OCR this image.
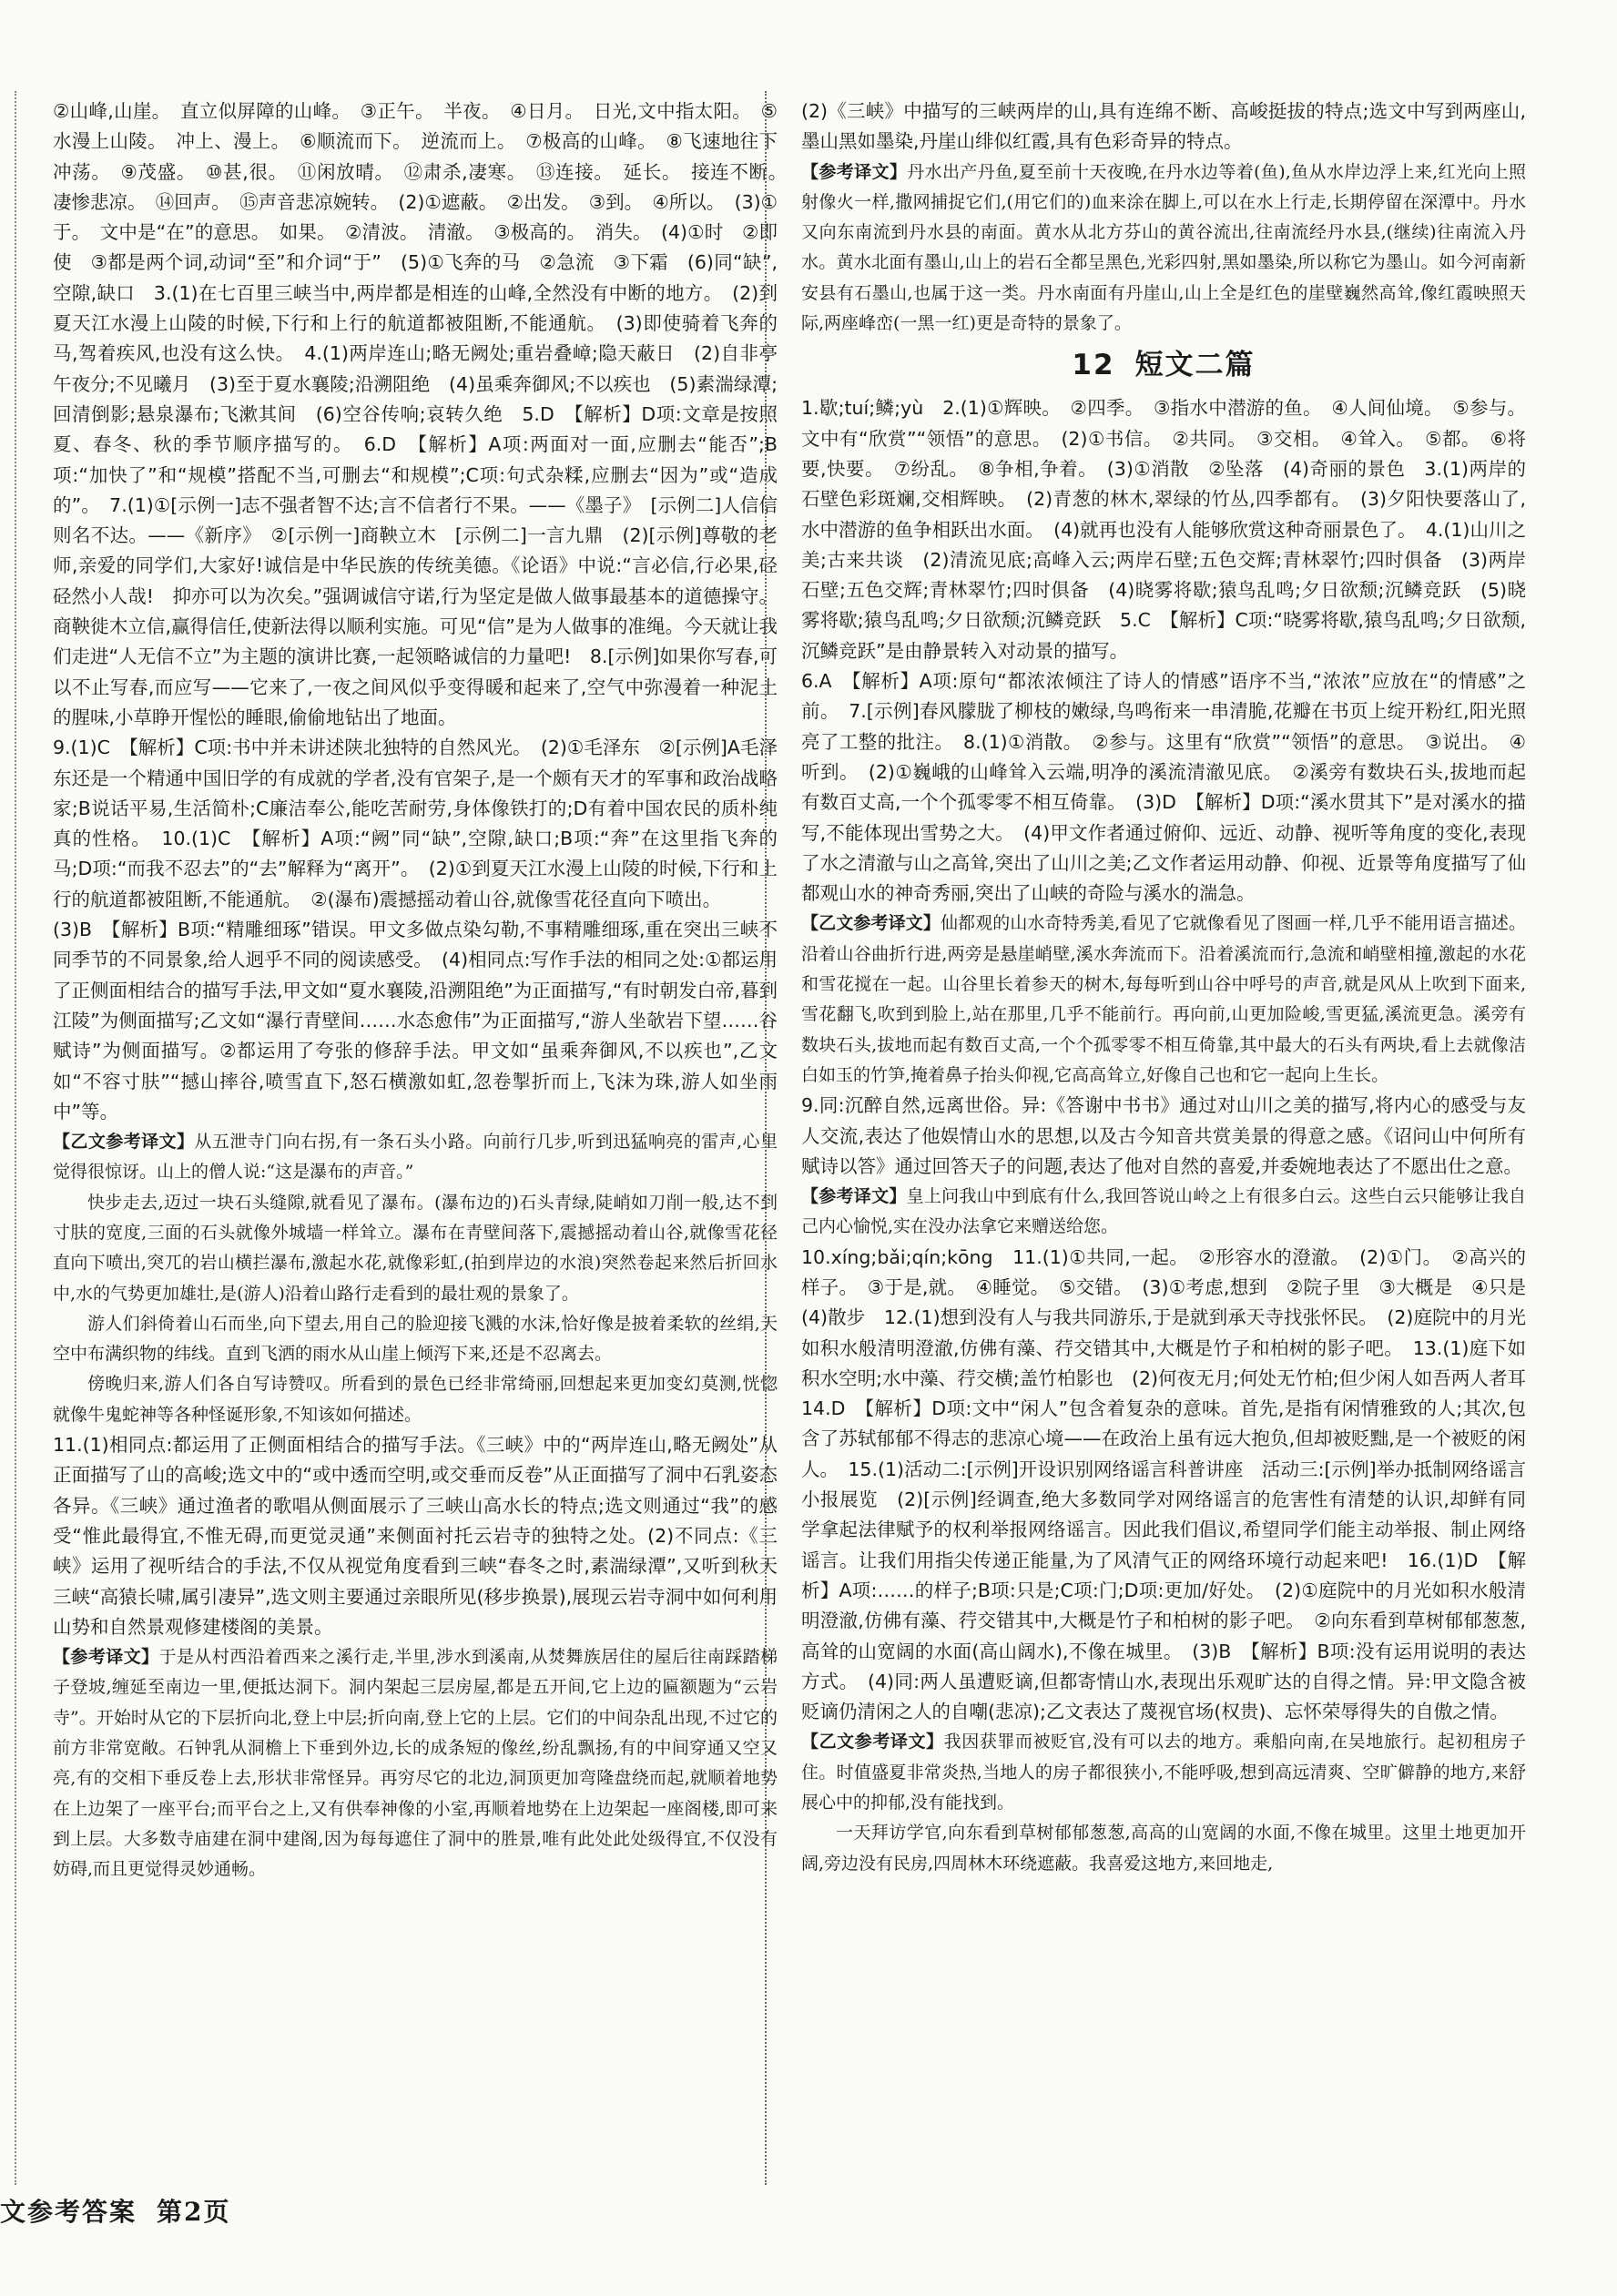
②山峰,山崖。　直立似屏障的山峰。　③正午。　半夜。　④日月。　日光,文中指太阳。　⑤水漫上山陵。　冲上、漫上。　⑥顺流而下。　逆流而上。　⑦极高的山峰。　⑧飞速地往下冲荡。　⑨茂盛。　⑩甚,很。　⑪闲放晴。　⑫肃杀,凄寒。　⑬连接。　延长。　接连不断。　凄惨悲凉。　⑭回声。　⑮声音悲凉婉转。　(2)①遮蔽。　②出发。　③到。　④所以。　(3)①于。　文中是“在”的意思。　如果。　②清波。　清澈。　③极高的。　消失。　(4)①时　②即使　③都是两个词,动词“至”和介词“于”　(5)①飞奔的马　②急流　③下霜　(6)同“缺”,空隙,缺口　3.(1)在七百里三峡当中,两岸都是相连的山峰,全然没有中断的地方。　(2)到夏天江水漫上山陵的时候,下行和上行的航道都被阻断,不能通航。　(3)即使骑着飞奔的马,驾着疾风,也没有这么快。　4.(1)两岸连山;略无阙处;重岩叠嶂;隐天蔽日　(2)自非亭午夜分;不见曦月　(3)至于夏水襄陵;沿溯阻绝　(4)虽乘奔御风;不以疾也　(5)素湍绿潭;回清倒影;悬泉瀑布;飞漱其间　(6)空谷传响;哀转久绝　5.D　【解析】D项:文章是按照夏、春冬、秋的季节顺序描写的。　6.D　【解析】A项:两面对一面,应删去“能否”;B项:“加快了”和“规模”搭配不当,可删去“和规模”;C项:句式杂糅,应删去“因为”或“造成的”。　7.(1)①[示例一]志不强者智不达;言不信者行不果。——《墨子》　[示例二]人信信则名不达。——《新序》　②[示例一]商鞅立木　[示例二]一言九鼎　(2)[示例]尊敬的老师,亲爱的同学们,大家好!诚信是中华民族的传统美德。《论语》中说:“言必信,行必果,硁硁然小人哉!　抑亦可以为次矣。”强调诚信守诺,行为坚定是做人做事最基本的道德操守。商鞅徙木立信,赢得信任,使新法得以顺利实施。可见“信”是为人做事的准绳。今天就让我们走进“人无信不立”为主题的演讲比赛,一起领略诚信的力量吧!　8.[示例]如果你写春,可以不止写春,而应写——它来了,一夜之间风似乎变得暖和起来了,空气中弥漫着一种泥土的腥味,小草睁开惺忪的睡眼,偷偷地钻出了地面。

9.(1)C　【解析】C项:书中并未讲述陕北独特的自然风光。　(2)①毛泽东　②[示例]A毛泽东还是一个精通中国旧学的有成就的学者,没有官架子,是一个颇有天才的军事和政治战略家;B说话平易,生活简朴;C廉洁奉公,能吃苦耐劳,身体像铁打的;D有着中国农民的质朴纯真的性格。　10.(1)C　【解析】A项:“阙”同“缺”,空隙,缺口;B项:“奔”在这里指飞奔的马;D项:“而我不忍去”的“去”解释为“离开”。　(2)①到夏天江水漫上山陵的时候,下行和上行的航道都被阻断,不能通航。　②(瀑布)震撼摇动着山谷,就像雪花径直向下喷出。

(3)B　【解析】B项:“精雕细琢”错误。甲文多做点染勾勒,不事精雕细琢,重在突出三峡不同季节的不同景象,给人迥乎不同的阅读感受。　(4)相同点:写作手法的相同之处:①都运用了正侧面相结合的描写手法,甲文如“夏水襄陵,沿溯阻绝”为正面描写,“有时朝发白帝,暮到江陵”为侧面描写;乙文如“瀑行青壁间……水态愈伟”为正面描写,“游人坐欹岩下望……谷赋诗”为侧面描写。②都运用了夸张的修辞手法。甲文如“虽乘奔御风,不以疾也”,乙文如“不容寸肤”“撼山摔谷,喷雪直下,怒石横激如虹,忽卷掣折而上,飞沫为珠,游人如坐雨中”等。

【乙文参考译文】从五泄寺门向右拐,有一条石头小路。向前行几步,听到迅猛响亮的雷声,心里觉得很惊讶。山上的僧人说:“这是瀑布的声音。”

快步走去,迈过一块石头缝隙,就看见了瀑布。(瀑布边的)石头青绿,陡峭如刀削一般,达不到寸肤的宽度,三面的石头就像外城墙一样耸立。瀑布在青壁间落下,震撼摇动着山谷,就像雪花径直向下喷出,突兀的岩山横拦瀑布,激起水花,就像彩虹,(拍到岸边的水浪)突然卷起来然后折回水中,水的气势更加雄壮,是(游人)沿着山路行走看到的最壮观的景象了。

游人们斜倚着山石而坐,向下望去,用自己的脸迎接飞溅的水沫,恰好像是披着柔软的丝绢,天空中布满织物的纬线。直到飞洒的雨水从山崖上倾泻下来,还是不忍离去。

傍晚归来,游人们各自写诗赞叹。所看到的景色已经非常绮丽,回想起来更加变幻莫测,恍惚就像牛鬼蛇神等各种怪诞形象,不知该如何描述。

11.(1)相同点:都运用了正侧面相结合的描写手法。《三峡》中的“两岸连山,略无阙处”从正面描写了山的高峻;选文中的“或中透而空明,或交垂而反卷”从正面描写了洞中石乳姿态各异。《三峡》通过渔者的歌唱从侧面展示了三峡山高水长的特点;选文则通过“我”的感受“惟此最得宜,不惟无碍,而更觉灵通”来侧面衬托云岩寺的独特之处。(2)不同点:《三峡》运用了视听结合的手法,不仅从视觉角度看到三峡“春冬之时,素湍绿潭”,又听到秋天三峡“高猿长啸,属引凄异”,选文则主要通过亲眼所见(移步换景),展现云岩寺洞中如何利用山势和自然景观修建楼阁的美景。

【参考译文】于是从村西沿着西来之溪行走,半里,涉水到溪南,从焚舞族居住的屋后往南踩踏梯子登坡,缠延至南边一里,便抵达洞下。洞内架起三层房屋,都是五开间,它上边的匾额题为“云岩寺”。开始时从它的下层折向北,登上中层;折向南,登上它的上层。它们的中间杂乱出现,不过它的前方非常宽敞。石钟乳从洞檐上下垂到外边,长的成条短的像丝,纷乱飘扬,有的中间穿通又空又亮,有的交相下垂反卷上去,形状非常怪异。再穷尽它的北边,洞顶更加弯隆盘绕而起,就顺着地势在上边架了一座平台;而平台之上,又有供奉神像的小室,再顺着地势在上边架起一座阁楼,即可来到上层。大多数寺庙建在洞中建阁,因为每每遮住了洞中的胜景,唯有此处此处级得宜,不仅没有妨碍,而且更觉得灵妙通畅。

(2)《三峡》中描写的三峡两岸的山,具有连绵不断、高峻挺拔的特点;选文中写到两座山,墨山黑如墨染,丹崖山绯似红霞,具有色彩奇异的特点。

【参考译文】丹水出产丹鱼,夏至前十天夜晚,在丹水边等着(鱼),鱼从水岸边浮上来,红光向上照射像火一样,撒网捕捉它们,(用它们的)血来涂在脚上,可以在水上行走,长期停留在深潭中。丹水又向东南流到丹水县的南面。黄水从北方芬山的黄谷流出,往南流经丹水县,(继续)往南流入丹水。黄水北面有墨山,山上的岩石全都呈黑色,光彩四射,黑如墨染,所以称它为墨山。如今河南新安县有石墨山,也属于这一类。丹水南面有丹崖山,山上全是红色的崖壁巍然高耸,像红霞映照天际,两座峰峦(一黑一红)更是奇特的景象了。

12 短文二篇

1.歇;tuí;鳞;yù　2.(1)①辉映。　②四季。　③指水中潜游的鱼。　④人间仙境。　⑤参与。文中有“欣赏”“领悟”的意思。　(2)①书信。　②共同。　③交相。　④耸入。　⑤都。　⑥将要,快要。　⑦纷乱。　⑧争相,争着。　(3)①消散　②坠落　(4)奇丽的景色　3.(1)两岸的石壁色彩斑斓,交相辉映。　(2)青葱的林木,翠绿的竹丛,四季都有。　(3)夕阳快要落山了,水中潜游的鱼争相跃出水面。　(4)就再也没有人能够欣赏这种奇丽景色了。　4.(1)山川之美;古来共谈　(2)清流见底;高峰入云;两岸石壁;五色交辉;青林翠竹;四时俱备　(3)两岸石壁;五色交辉;青林翠竹;四时俱备　(4)晓雾将歇;猿鸟乱鸣;夕日欲颓;沉鳞竞跃　(5)晓雾将歇;猿鸟乱鸣;夕日欲颓;沉鳞竞跃　5.C　【解析】C项:“晓雾将歇,猿鸟乱鸣;夕日欲颓,沉鳞竞跃”是由静景转入对动景的描写。

6.A　【解析】A项:原句“都浓浓倾注了诗人的情感”语序不当,“浓浓”应放在“的情感”之前。　7.[示例]春风朦胧了柳枝的嫩绿,鸟鸣衔来一串清脆,花瓣在书页上绽开粉红,阳光照亮了工整的批注。　8.(1)①消散。　②参与。这里有“欣赏”“领悟”的意思。　③说出。　④听到。　(2)①巍峨的山峰耸入云端,明净的溪流清澈见底。　②溪旁有数块石头,拔地而起有数百丈高,一个个孤零零不相互倚靠。　(3)D　【解析】D项:“溪水贯其下”是对溪水的描写,不能体现出雪势之大。　(4)甲文作者通过俯仰、远近、动静、视听等角度的变化,表现了水之清澈与山之高耸,突出了山川之美;乙文作者运用动静、仰视、近景等角度描写了仙都观山水的神奇秀丽,突出了山峡的奇险与溪水的湍急。

【乙文参考译文】仙都观的山水奇特秀美,看见了它就像看见了图画一样,几乎不能用语言描述。沿着山谷曲折行进,两旁是悬崖峭壁,溪水奔流而下。沿着溪流而行,急流和峭壁相撞,激起的水花和雪花搅在一起。山谷里长着参天的树木,每每听到山谷中呼号的声音,就是风从上吹到下面来,雪花翻飞,吹到到脸上,站在那里,几乎不能前行。再向前,山更加险峻,雪更猛,溪流更急。溪旁有数块石头,拔地而起有数百丈高,一个个孤零零不相互倚靠,其中最大的石头有两块,看上去就像洁白如玉的竹笋,掩着鼻子抬头仰视,它高高耸立,好像自己也和它一起向上生长。

9.同:沉醉自然,远离世俗。异:《答谢中书书》通过对山川之美的描写,将内心的感受与友人交流,表达了他娱情山水的思想,以及古今知音共赏美景的得意之感。《诏问山中何所有赋诗以答》通过回答天子的问题,表达了他对自然的喜爱,并委婉地表达了不愿出仕之意。

【参考译文】皇上问我山中到底有什么,我回答说山岭之上有很多白云。这些白云只能够让我自己内心愉悦,实在没办法拿它来赠送给您。

10.xíng;bǎi;qín;kōng　11.(1)①共同,一起。　②形容水的澄澈。　(2)①门。　②高兴的样子。　③于是,就。　④睡觉。　⑤交错。　(3)①考虑,想到　②院子里　③大概是　④只是　(4)散步　12.(1)想到没有人与我共同游乐,于是就到承天寺找张怀民。　(2)庭院中的月光如积水般清明澄澈,仿佛有藻、荇交错其中,大概是竹子和柏树的影子吧。　13.(1)庭下如积水空明;水中藻、荇交横;盖竹柏影也　(2)何夜无月;何处无竹柏;但少闲人如吾两人者耳　14.D　【解析】D项:文中“闲人”包含着复杂的意味。首先,是指有闲情雅致的人;其次,包含了苏轼郁郁不得志的悲凉心境——在政治上虽有远大抱负,但却被贬黜,是一个被贬的闲人。　15.(1)活动二:[示例]开设识别网络谣言科普讲座　活动三:[示例]举办抵制网络谣言小报展览　(2)[示例]经调查,绝大多数同学对网络谣言的危害性有清楚的认识,却鲜有同学拿起法律赋予的权利举报网络谣言。因此我们倡议,希望同学们能主动举报、制止网络谣言。让我们用指尖传递正能量,为了风清气正的网络环境行动起来吧!　16.(1)D　【解析】A项:……的样子;B项:只是;C项:门;D项:更加/好处。　(2)①庭院中的月光如积水般清明澄澈,仿佛有藻、荇交错其中,大概是竹子和柏树的影子吧。　②向东看到草树郁郁葱葱,高耸的山宽阔的水面(高山阔水),不像在城里。　(3)B　【解析】B项:没有运用说明的表达方式。　(4)同:两人虽遭贬谪,但都寄情山水,表现出乐观旷达的自得之情。异:甲文隐含被贬谪仍清闲之人的自嘲(悲凉);乙文表达了蔑视官场(权贵)、忘怀荣辱得失的自傲之情。

【乙文参考译文】我因获罪而被贬官,没有可以去的地方。乘船向南,在吴地旅行。起初租房子住。时值盛夏非常炎热,当地人的房子都很狭小,不能呼吸,想到高远清爽、空旷僻静的地方,来舒展心中的抑郁,没有能找到。

一天拜访学官,向东看到草树郁郁葱葱,高高的山宽阔的水面,不像在城里。这里土地更加开阔,旁边没有民房,四周林木环绕遮蔽。我喜爱这地方,来回地走,

文参考答案 第2页
